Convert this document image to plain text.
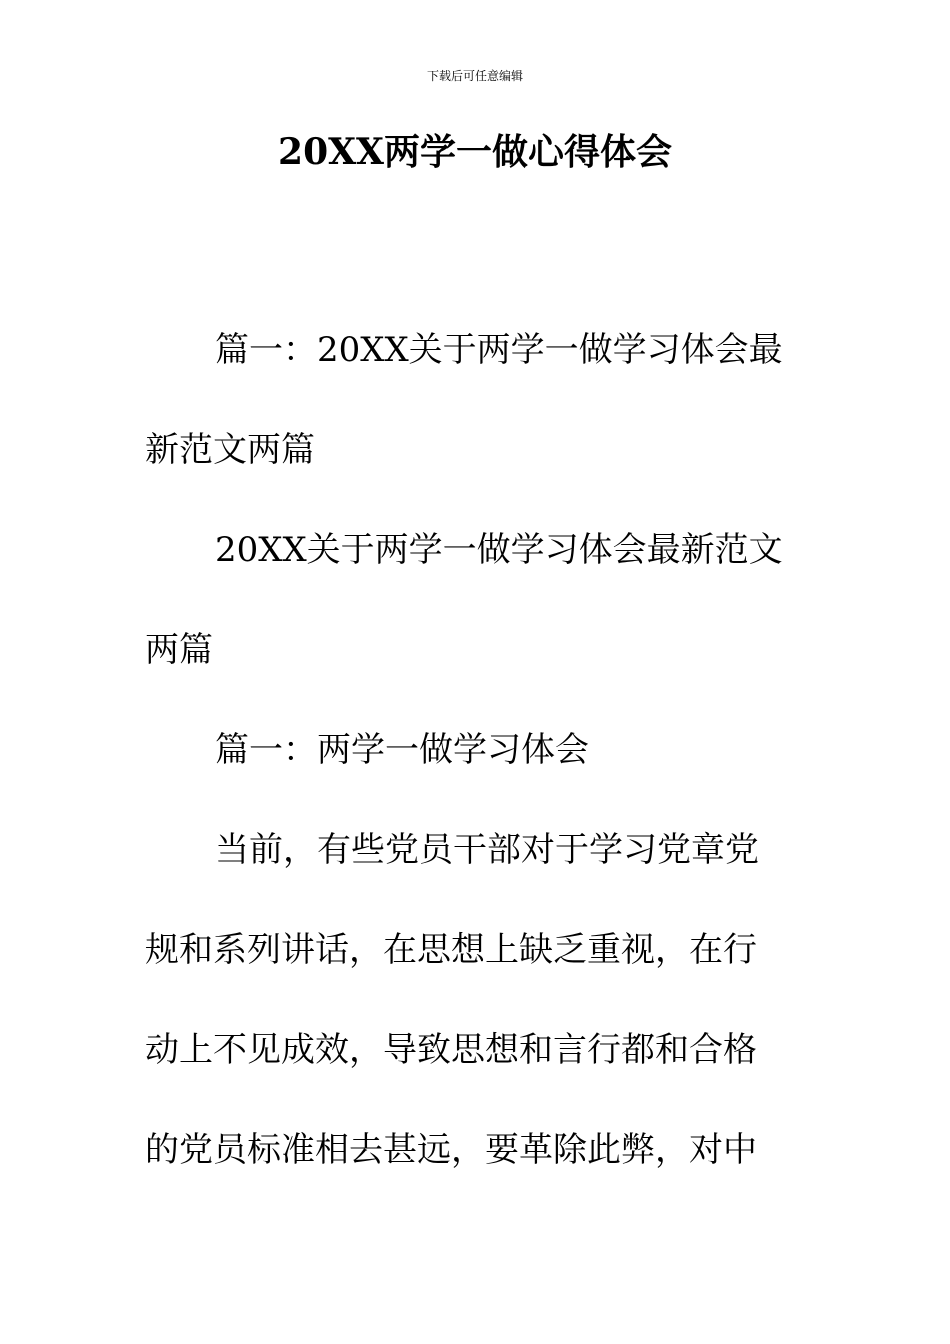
下载后可任意编辑
20XX两学一做心得体会

篇一：20XX关于两学一做学习体会最新范文两篇

20XX关于两学一做学习体会最新范文两篇

篇一：两学一做学习体会

当前，有些党员干部对于学习党章党规和系列讲话，在思想上缺乏重视，在行动上不见成效，导致思想和言行都和合格的党员标准相去甚远，要革除此弊，对中
